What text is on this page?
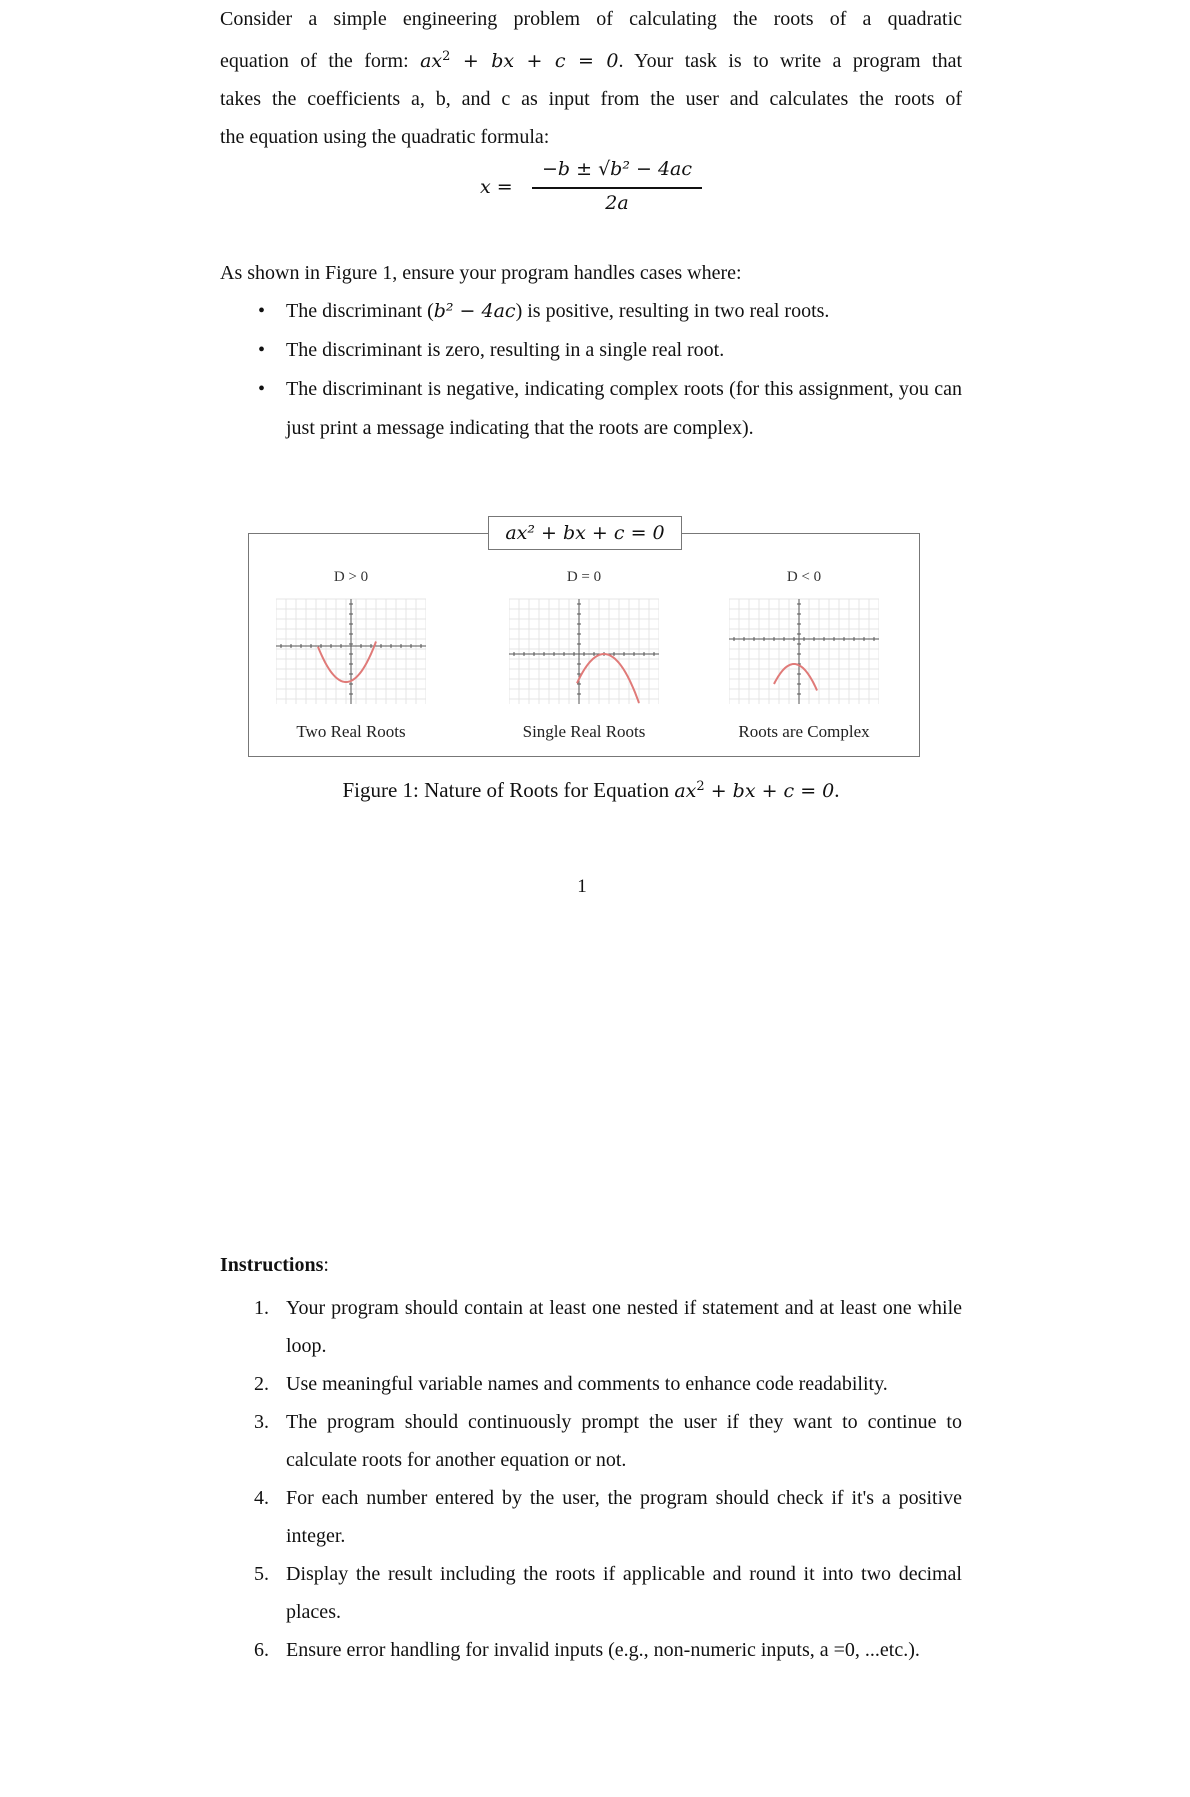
Consider a simple engineering problem of calculating the roots of a quadratic
equation of the form: $ax^2$ + bx + c = 0. Your task is to write a program that
takes the coefficients a, b, and c as input from the user and calculates the roots of
the equation using the quadratic formula:
x =
−b ± √b² − 4ac
2a
As shown in Figure 1, ensure your program handles cases where:
• The discriminant (b² − 4ac) is positive, resulting in two real roots.
• The discriminant is zero, resulting in a single real root.
• The discriminant is negative, indicating complex roots (for this assignment, you can just print a message indicating that the roots are complex).
D > 0
Two Real Roots
D = 0
Single Real Roots
D < 0
Roots are Complex
ax² + bx + c = 0
Figure 1: Nature of Roots for Equation $ax^2$ + bx + c = 0.
1
Instructions:
1. Your program should contain at least one nested if statement and at least one while loop.
2. Use meaningful variable names and comments to enhance code readability.
3. The program should continuously prompt the user if they want to continue to calculate roots for another equation or not.
4. For each number entered by the user, the program should check if it's a positive integer.
5. Display the result including the roots if applicable and round it into two decimal places.
6. Ensure error handling for invalid inputs (e.g., non-numeric inputs, a =0, ...etc.).
